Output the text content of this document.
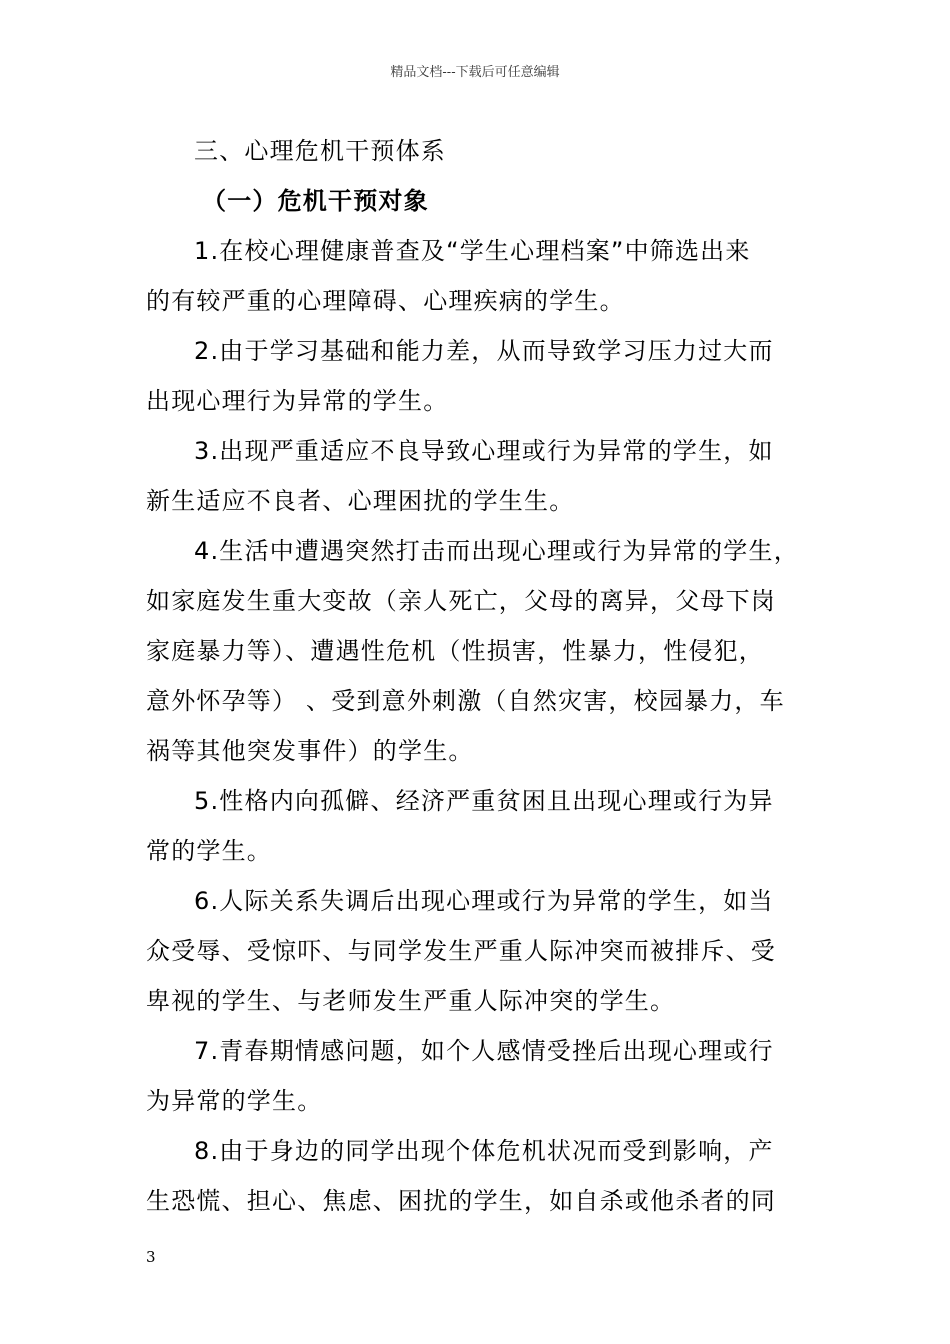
精品文档---下载后可任意编辑
三、心理危机干预体系
（一）危机干预对象
1.在校心理健康普查及“学生心理档案”中筛选出来
的有较严重的心理障碍、心理疾病的学生。
2.由于学习基础和能力差，从而导致学习压力过大而
出现心理行为异常的学生。
3.出现严重适应不良导致心理或行为异常的学生，如
新生适应不良者、心理困扰的学生生。
4.生活中遭遇突然打击而出现心理或行为异常的学生，
如家庭发生重大变故（亲人死亡，父母的离异，父母下岗
家庭暴力等）、遭遇性危机（性损害，性暴力，性侵犯，
意外怀孕等） 、受到意外刺激（自然灾害，校园暴力，车
祸等其他突发事件）的学生。
5.性格内向孤僻、经济严重贫困且出现心理或行为异
常的学生。
6.人际关系失调后出现心理或行为异常的学生，如当
众受辱、受惊吓、与同学发生严重人际冲突而被排斥、受
卑视的学生、与老师发生严重人际冲突的学生。
7.青春期情感问题，如个人感情受挫后出现心理或行
为异常的学生。
8.由于身边的同学出现个体危机状况而受到影响，产
生恐慌、担心、焦虑、困扰的学生，如自杀或他杀者的同
3
